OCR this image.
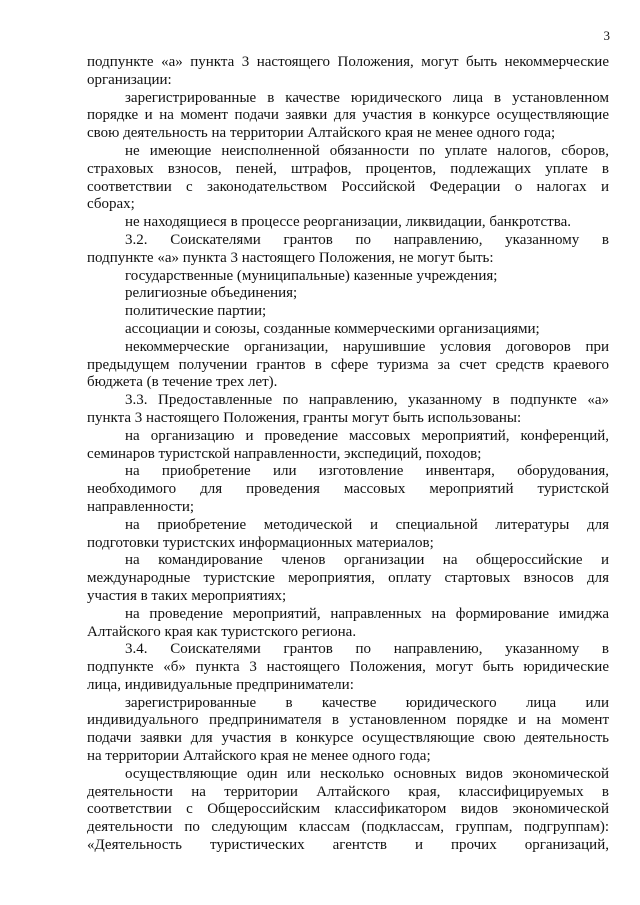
3
подпункте «а» пункта 3 настоящего Положения, могут быть некоммерческие
организации:
зарегистрированные в качестве юридического лица в установленном
порядке и на момент подачи заявки для участия в конкурсе осуществляющие
свою деятельность на территории Алтайского края не менее одного года;
не имеющие неисполненной обязанности по уплате налогов, сборов,
страховых взносов, пеней, штрафов, процентов, подлежащих уплате в
соответствии с законодательством Российской Федерации о налогах и
сборах;
не находящиеся в процессе реорганизации, ликвидации, банкротства.
3.2. Соискателями грантов по направлению, указанному в
подпункте «а» пункта 3 настоящего Положения, не могут быть:
государственные (муниципальные) казенные учреждения;
религиозные объединения;
политические партии;
ассоциации и союзы, созданные коммерческими организациями;
некоммерческие организации, нарушившие условия договоров при
предыдущем получении грантов в сфере туризма за счет средств краевого
бюджета (в течение трех лет).
3.3. Предоставленные по направлению, указанному в подпункте «а»
пункта 3 настоящего Положения, гранты могут быть использованы:
на организацию и проведение массовых мероприятий, конференций,
семинаров туристской направленности, экспедиций, походов;
на приобретение или изготовление инвентаря, оборудования,
необходимого для проведения массовых мероприятий туристской
направленности;
на приобретение методической и специальной литературы для
подготовки туристских информационных материалов;
на командирование членов организации на общероссийские и
международные туристские мероприятия, оплату стартовых взносов для
участия в таких мероприятиях;
на проведение мероприятий, направленных на формирование имиджа
Алтайского края как туристского региона.
3.4. Соискателями грантов по направлению, указанному в
подпункте «б» пункта 3 настоящего Положения, могут быть юридические
лица, индивидуальные предприниматели:
зарегистрированные в качестве юридического лица или
индивидуального предпринимателя в установленном порядке и на момент
подачи заявки для участия в конкурсе осуществляющие свою деятельность
на территории Алтайского края не менее одного года;
осуществляющие один или несколько основных видов экономической
деятельности на территории Алтайского края, классифицируемых в
соответствии с Общероссийским классификатором видов экономической
деятельности по следующим классам (подклассам, группам, подгруппам):
«Деятельность туристических агентств и прочих организаций,
